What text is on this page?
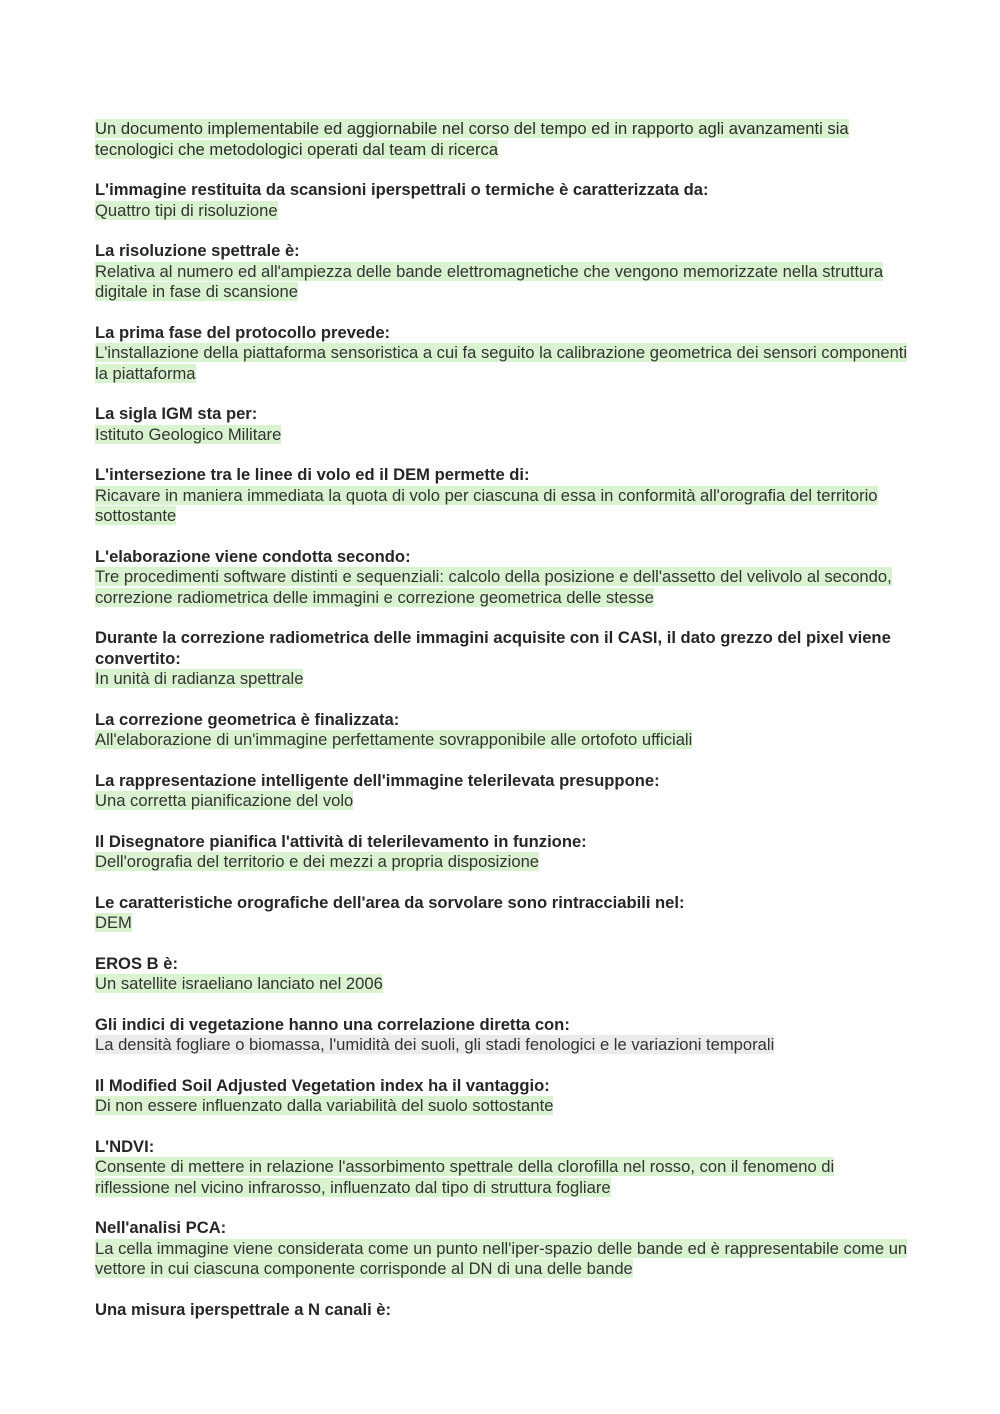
Un documento implementabile ed aggiornabile nel corso del tempo ed in rapporto agli avanzamenti sia tecnologici che metodologici operati dal team di ricerca

L'immagine restituita da scansioni iperspettrali o termiche è caratterizzata da:

Quattro tipi di risoluzione

La risoluzione spettrale è:

Relativa al numero ed all'ampiezza delle bande elettromagnetiche che vengono memorizzate nella struttura digitale in fase di scansione

La prima fase del protocollo prevede:

L'installazione della piattaforma sensoristica a cui fa seguito la calibrazione geometrica dei sensori componenti la piattaforma

La sigla IGM sta per:

Istituto Geologico Militare

L'intersezione tra le linee di volo ed il DEM permette di:

Ricavare in maniera immediata la quota di volo per ciascuna di essa in conformità all'orografia del territorio sottostante

L'elaborazione viene condotta secondo:

Tre procedimenti software distinti e sequenziali: calcolo della posizione e dell'assetto del velivolo al secondo, correzione radiometrica delle immagini e correzione geometrica delle stesse

Durante la correzione radiometrica delle immagini acquisite con il CASI, il dato grezzo del pixel viene convertito:

In unità di radianza spettrale

La correzione geometrica è finalizzata:

All'elaborazione di un'immagine perfettamente sovrapponibile alle ortofoto ufficiali

La rappresentazione intelligente dell'immagine telerilevata presuppone:

Una corretta pianificazione del volo

Il Disegnatore pianifica l'attività di telerilevamento in funzione:

Dell'orografia del territorio e dei mezzi a propria disposizione

Le caratteristiche orografiche dell'area da sorvolare sono rintracciabili nel:

DEM

EROS B è:

Un satellite israeliano lanciato nel 2006

Gli indici di vegetazione hanno una correlazione diretta con:

La densità fogliare o biomassa, l'umidità dei suoli, gli stadi fenologici e le variazioni temporali

Il Modified Soil Adjusted Vegetation index ha il vantaggio:

Di non essere influenzato dalla variabilità del suolo sottostante

L'NDVI:

Consente di mettere in relazione l'assorbimento spettrale della clorofilla nel rosso, con il fenomeno di riflessione nel vicino infrarosso, influenzato dal tipo di struttura fogliare

Nell'analisi PCA:

La cella immagine viene considerata come un punto nell'iper-spazio delle bande ed è rappresentabile come un vettore in cui ciascuna componente corrisponde al DN di una delle bande

Una misura iperspettrale a N canali è:
